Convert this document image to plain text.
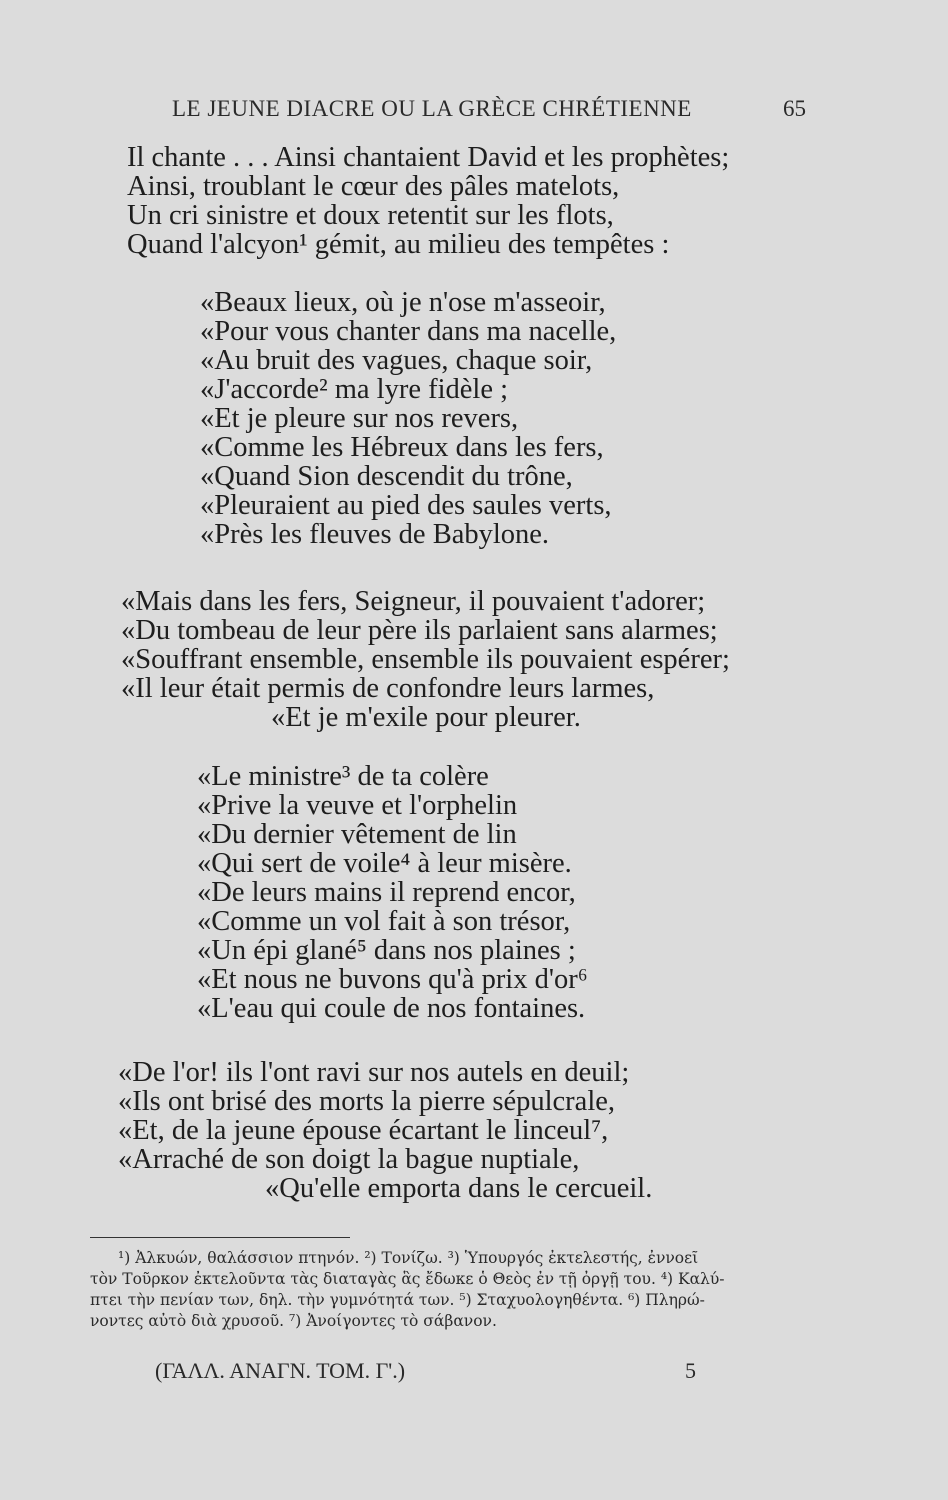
LE JEUNE DIACRE OU LA GRÈCE CHRÉTIENNE	65
Il chante . . . Ainsi chantaient David et les prophètes;
Ainsi, troublant le cœur des pâles matelots,
Un cri sinistre et doux retentit sur les flots,
Quand l'alcyon¹ gémit, au milieu des tempêtes :
«Beaux lieux, où je n'ose m'asseoir,
«Pour vous chanter dans ma nacelle,
«Au bruit des vagues, chaque soir,
«J'accorde² ma lyre fidèle ;
«Et je pleure sur nos revers,
«Comme les Hébreux dans les fers,
«Quand Sion descendit du trône,
«Pleuraient au pied des saules verts,
«Près les fleuves de Babylone.
«Mais dans les fers, Seigneur, il pouvaient t'adorer;
«Du tombeau de leur père ils parlaient sans alarmes;
«Souffrant ensemble, ensemble ils pouvaient espérer;
«Il leur était permis de confondre leurs larmes,
«Et je m'exile pour pleurer.
«Le ministre³ de ta colère
«Prive la veuve et l'orphelin
«Du dernier vêtement de lin
«Qui sert de voile⁴ à leur misère.
«De leurs mains il reprend encor,
«Comme un vol fait à son trésor,
«Un épi glané⁵ dans nos plaines ;
«Et nous ne buvons qu'à prix d'or⁶
«L'eau qui coule de nos fontaines.
«De l'or! ils l'ont ravi sur nos autels en deuil;
«Ils ont brisé des morts la pierre sépulcrale,
«Et, de la jeune épouse écartant le linceul⁷,
«Arraché de son doigt la bague nuptiale,
«Qu'elle emporta dans le cercueil.
¹) Ἀλκυών, θαλάσσιον πτηνόν. ²) Τονίζω. ³) Ὑπουργός ἐκτελεστής, ἐννοεῖ
τὸν Τοῦρκον ἐκτελοῦντα τὰς διαταγὰς ἃς ἔδωκε ὁ Θεὸς ἐν τῇ ὀργῇ του. ⁴) Καλύ-
πτει τὴν πενίαν των, δηλ. τὴν γυμνότητά των. ⁵) Σταχυολογηθέντα. ⁶) Πληρώ-
νοντες αὐτὸ διὰ χρυσοῦ. ⁷) Ἀνοίγοντες τὸ σάβανον.
(ΓΑΛΛ. ΑΝΑΓΝ. ΤΟΜ. Γ'.)	5
